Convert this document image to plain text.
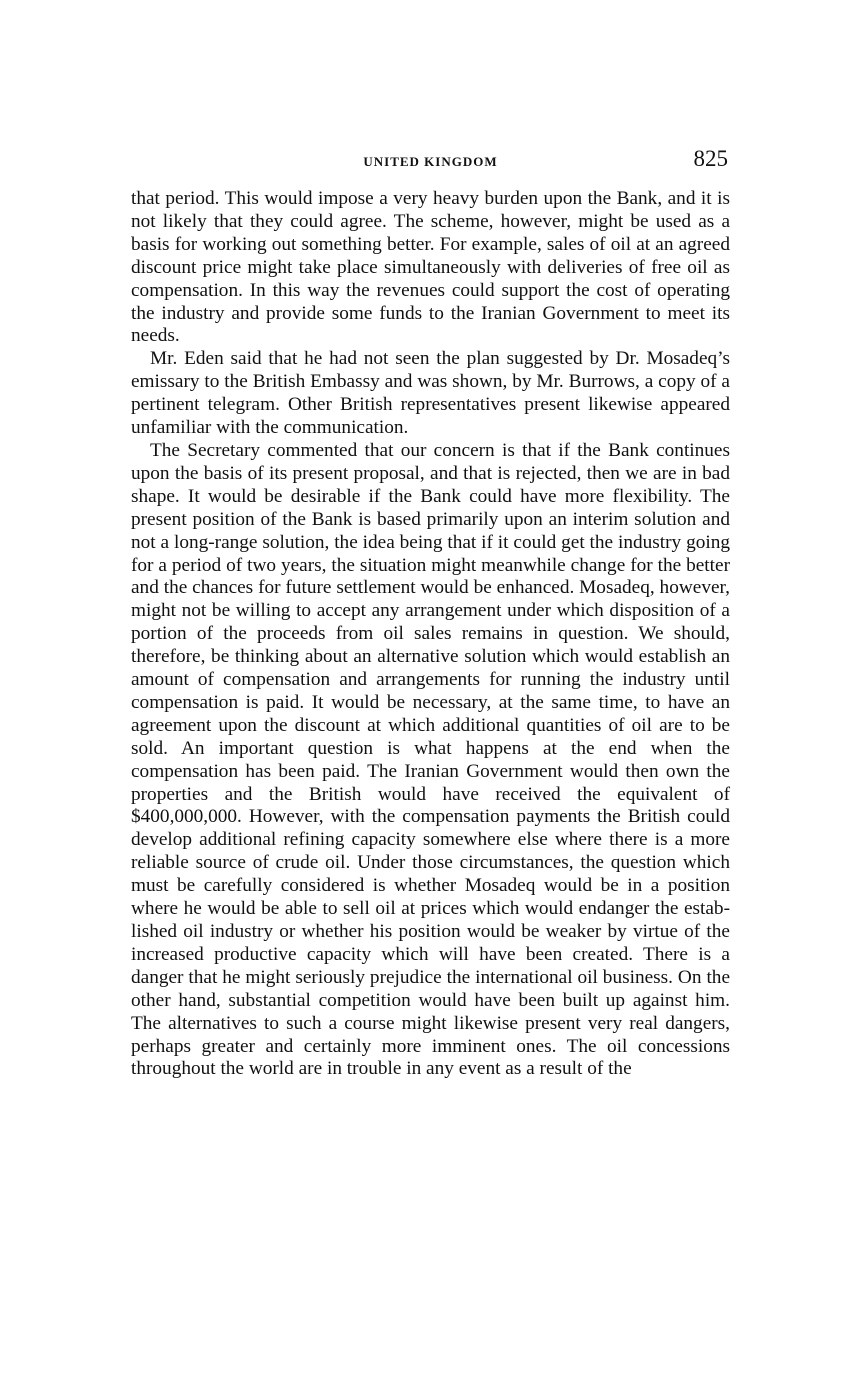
UNITED KINGDOM	825

that period. This would impose a very heavy burden upon the Bank, and it is not likely that they could agree. The scheme, however, might be used as a basis for working out something better. For example, sales of oil at an agreed discount price might take place simultaneously with deliveries of free oil as compensation. In this way the revenues could support the cost of operating the industry and provide some funds to the Iranian Government to meet its needs.

Mr. Eden said that he had not seen the plan suggested by Dr. Mosadeq’s emissary to the British Embassy and was shown, by Mr. Burrows, a copy of a pertinent telegram. Other British representatives present likewise appeared unfamiliar with the communication.

The Secretary commented that our concern is that if the Bank continues upon the basis of its present proposal, and that is rejected, then we are in bad shape. It would be desirable if the Bank could have more flexibility. The present position of the Bank is based primarily upon an interim solution and not a long-range solution, the idea being that if it could get the industry going for a period of two years, the situation might meanwhile change for the better and the chances for future settlement would be enhanced. Mosadeq, however, might not be willing to accept any arrangement under which disposition of a portion of the proceeds from oil sales remains in question. We should, therefore, be thinking about an alternative solution which would establish an amount of compensation and arrangements for running the industry until compensation is paid. It would be necessary, at the same time, to have an agreement upon the discount at which additional quantities of oil are to be sold. An important question is what happens at the end when the compensation has been paid. The Iranian Government would then own the properties and the British would have received the equivalent of $400,000,000. However, with the compensation payments the British could develop additional refining capacity somewhere else where there is a more reliable source of crude oil. Under those circumstances, the question which must be carefully considered is whether Mosadeq would be in a position where he would be able to sell oil at prices which would endanger the established oil industry or whether his position would be weaker by virtue of the increased productive capacity which will have been created. There is a danger that he might seriously prejudice the international oil business. On the other hand, substantial competition would have been built up against him. The alternatives to such a course might likewise present very real dangers, perhaps greater and certainly more imminent ones. The oil concessions throughout the world are in trouble in any event as a result of the
